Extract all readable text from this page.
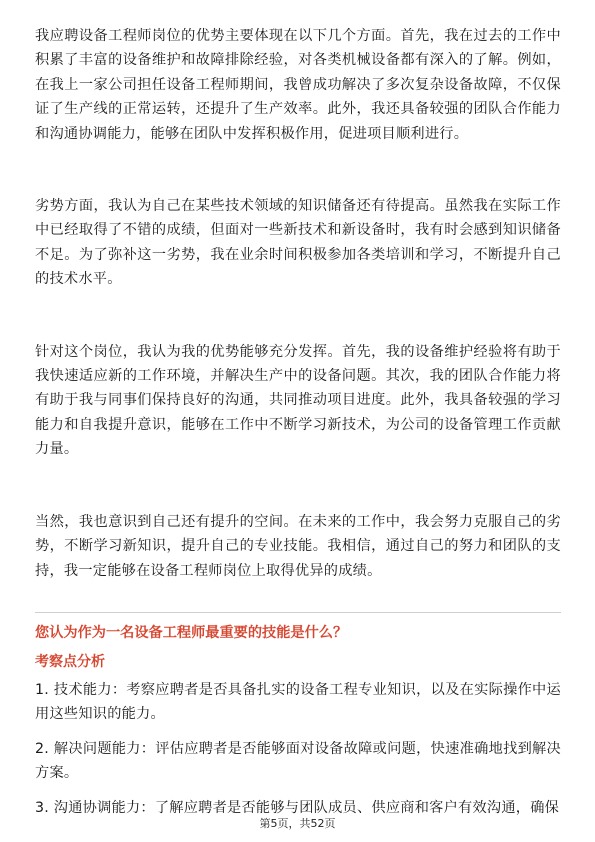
我应聘设备工程师岗位的优势主要体现在以下几个方面。首先，我在过去的工作中积累了丰富的设备维护和故障排除经验，对各类机械设备都有深入的了解。例如，在我上一家公司担任设备工程师期间，我曾成功解决了多次复杂设备故障，不仅保证了生产线的正常运转，还提升了生产效率。此外，我还具备较强的团队合作能力和沟通协调能力，能够在团队中发挥积极作用，促进项目顺利进行。

劣势方面，我认为自己在某些技术领域的知识储备还有待提高。虽然我在实际工作中已经取得了不错的成绩，但面对一些新技术和新设备时，我有时会感到知识储备不足。为了弥补这一劣势，我在业余时间积极参加各类培训和学习，不断提升自己的技术水平。

针对这个岗位，我认为我的优势能够充分发挥。首先，我的设备维护经验将有助于我快速适应新的工作环境，并解决生产中的设备问题。其次，我的团队合作能力将有助于我与同事们保持良好的沟通，共同推动项目进度。此外，我具备较强的学习能力和自我提升意识，能够在工作中不断学习新技术，为公司的设备管理工作贡献力量。

当然，我也意识到自己还有提升的空间。在未来的工作中，我会努力克服自己的劣势，不断学习新知识，提升自己的专业技能。我相信，通过自己的努力和团队的支持，我一定能够在设备工程师岗位上取得优异的成绩。

您认为作为一名设备工程师最重要的技能是什么？

考察点分析

1. 技术能力：考察应聘者是否具备扎实的设备工程专业知识，以及在实际操作中运用这些知识的能力。
2. 解决问题能力：评估应聘者是否能够面对设备故障或问题，快速准确地找到解决方案。
3. 沟通协调能力：了解应聘者是否能够与团队成员、供应商和客户有效沟通，确保
第5页，共52页
